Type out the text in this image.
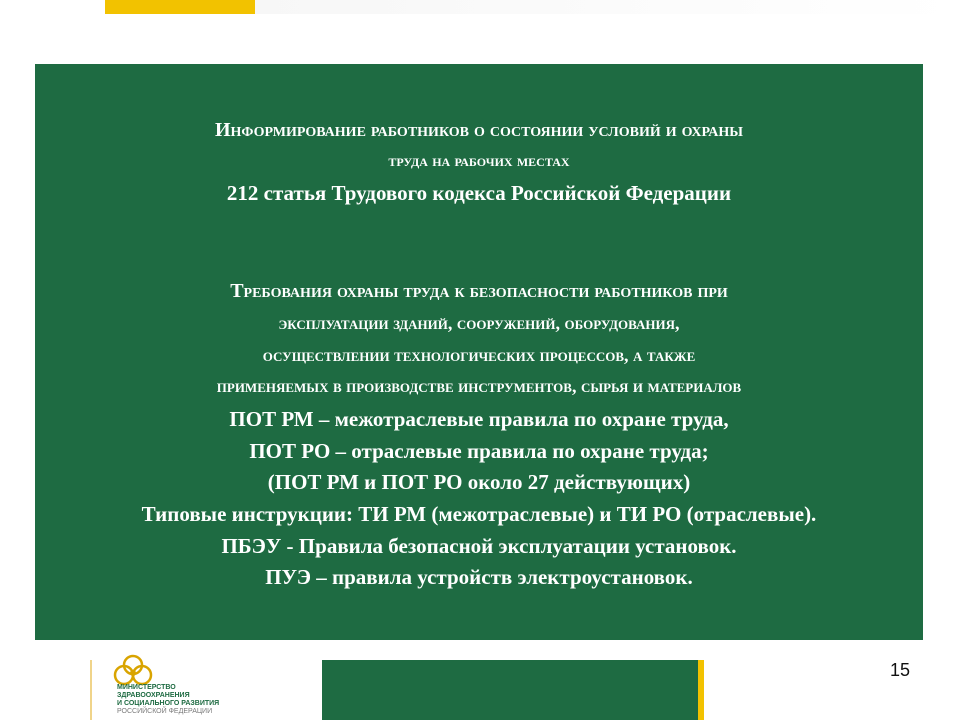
Информирование работников о состоянии условий и охраны
труда на рабочих местах
212 статья Трудового кодекса Российской Федерации
Требования охраны труда к безопасности работников при
эксплуатации зданий, сооружений, оборудования,
осуществлении технологических процессов, а также
применяемых в производстве инструментов, сырья и материалов
ПОТ РМ – межотраслевые правила по охране труда,
ПОТ РО – отраслевые правила по охране труда;
(ПОТ РМ и ПОТ РО около 27 действующих)
Типовые инструкции: ТИ РМ (межотраслевые) и ТИ РО (отраслевые).
ПБЭУ - Правила безопасной эксплуатации установок.
ПУЭ – правила устройств электроустановок.
МИНИСТЕРСТВО
ЗДРАВООХРАНЕНИЯ
И СОЦИАЛЬНОГО РАЗВИТИЯ
РОССИЙСКОЙ ФЕДЕРАЦИИ
15
